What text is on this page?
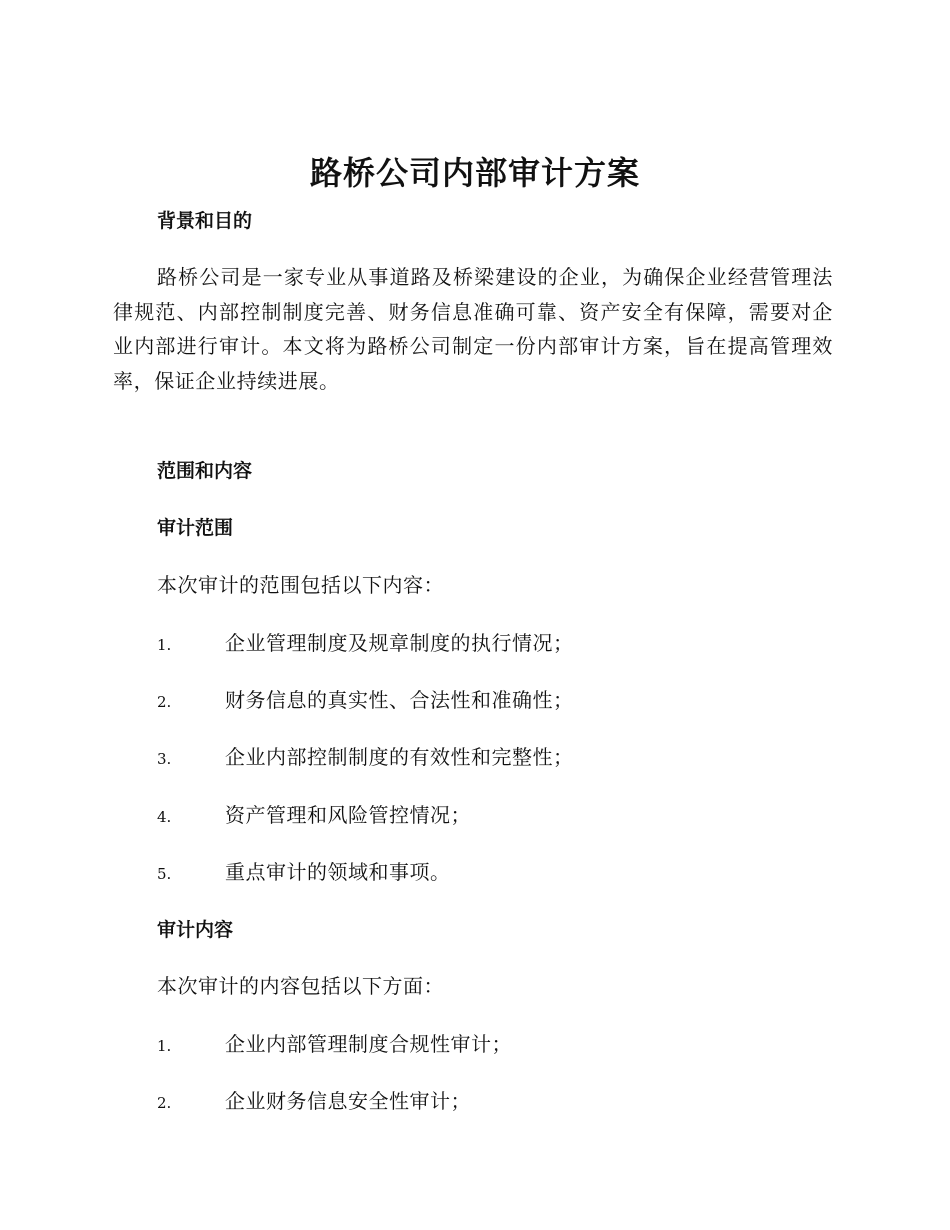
路桥公司内部审计方案
背景和目的
路桥公司是一家专业从事道路及桥梁建设的企业，为确保企业经营管理法律规范、内部控制制度完善、财务信息准确可靠、资产安全有保障，需要对企业内部进行审计。本文将为路桥公司制定一份内部审计方案，旨在提高管理效率，保证企业持续进展。
范围和内容
审计范围
本次审计的范围包括以下内容：
1.	企业管理制度及规章制度的执行情况；
2.	财务信息的真实性、合法性和准确性；
3.	企业内部控制制度的有效性和完整性；
4.	资产管理和风险管控情况；
5.	重点审计的领域和事项。
审计内容
本次审计的内容包括以下方面：
1.	企业内部管理制度合规性审计；
2.	企业财务信息安全性审计；
